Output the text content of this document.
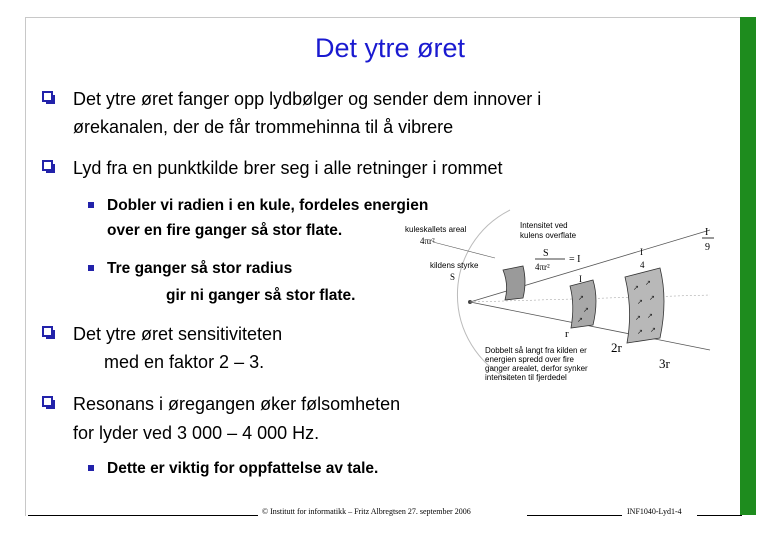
Det ytre øret
Det ytre øret fanger opp lydbølger og sender dem innover i
ørekanalen, der de får trommehinna til å vibrere
Lyd fra en punktkilde brer seg i alle retninger i rommet
Dobler vi radien i en kule, fordeles energien
over en fire ganger så stor flate.
Tre ganger så stor radius
gir ni ganger så stor flate.
Det ytre øret sensitiviteten
med en faktor 2 – 3.
Resonans i øregangen øker følsomheten
for lyder ved 3 000 – 4 000 Hz.
Dette er viktig for oppfattelse av tale.
↗
↗
↗
↗
↗
↗
↗
↗ ↗
↗ ↗
kuleskallets areal
4πr²
Intensitet ved
kulens overflate
kildens styrke
S
S
4πr²
= I
I
I
4
I
9
r
2r
3r
Dobbelt så langt fra kilden er
energien spredd over fire
ganger arealet, derfor synker
intensiteten til fjerdedel
© Institutt for informatikk – Fritz Albregtsen 27. september 2006	INF1040-Lyd1-4
